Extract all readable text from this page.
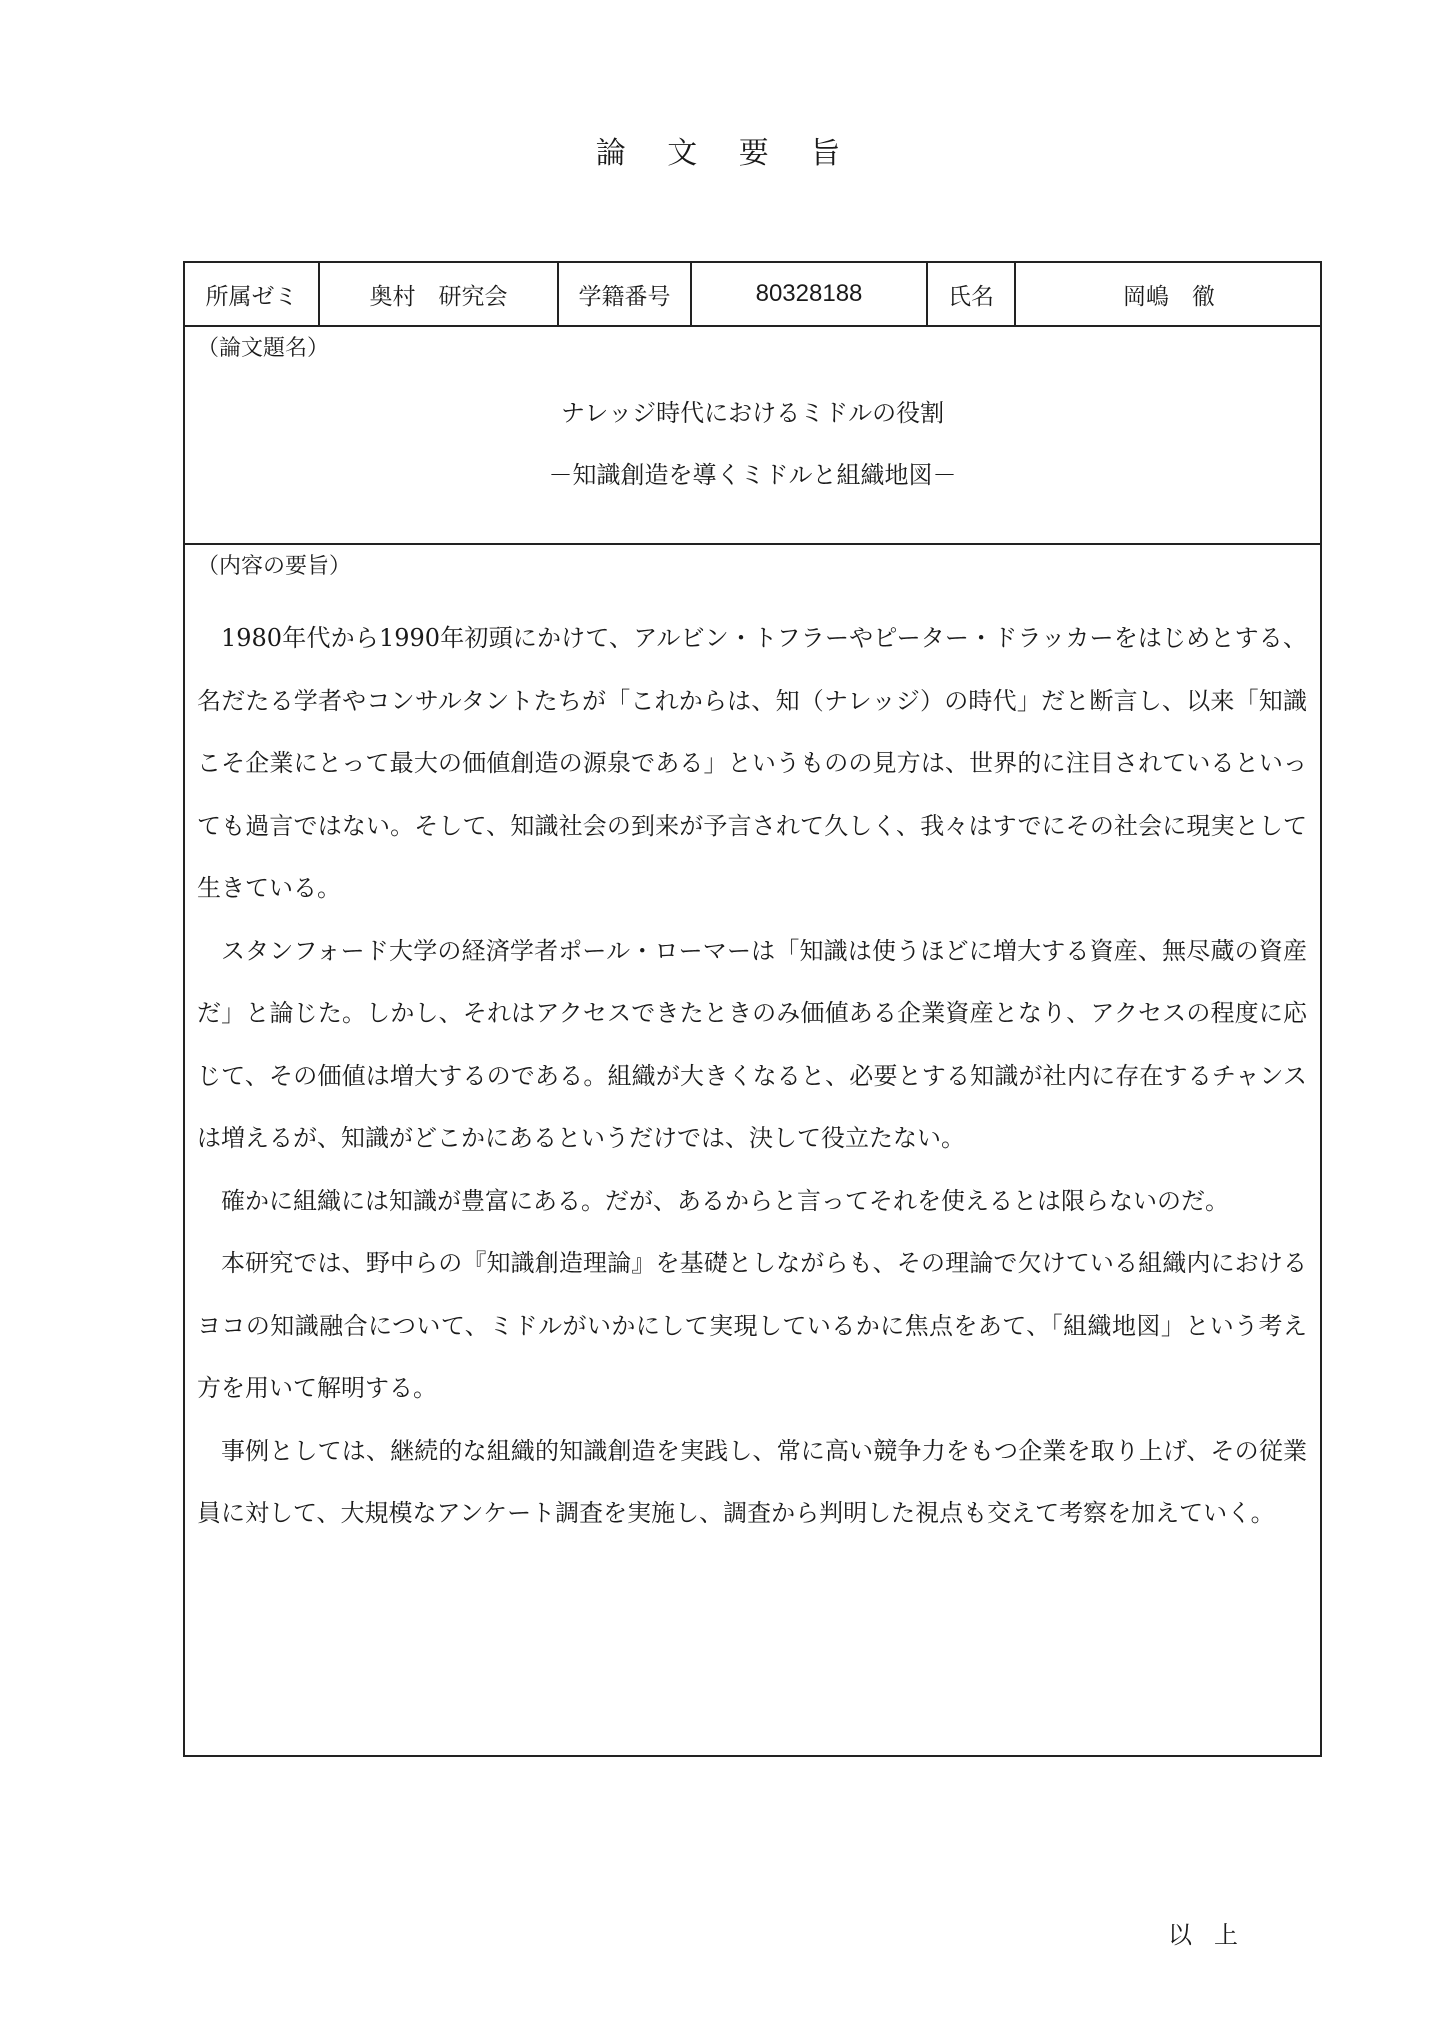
論 文 要 旨
所属ゼミ	奥村　研究会	学籍番号	80328188	氏名	岡嶋　徹
（論文題名）
ナレッジ時代におけるミドルの役割
－知識創造を導くミドルと組織地図－
（内容の要旨）

1980年代から1990年初頭にかけて、アルビン・トフラーやピーター・ドラッカーをはじめとする、名だたる学者やコンサルタントたちが「これからは、知（ナレッジ）の時代」だと断言し、以来「知識こそ企業にとって最大の価値創造の源泉である」というものの見方は、世界的に注目されているといっても過言ではない。そして、知識社会の到来が予言されて久しく、我々はすでにその社会に現実として生きている。

スタンフォード大学の経済学者ポール・ローマーは「知識は使うほどに増大する資産、無尽蔵の資産だ」と論じた。しかし、それはアクセスできたときのみ価値ある企業資産となり、アクセスの程度に応じて、その価値は増大するのである。組織が大きくなると、必要とする知識が社内に存在するチャンスは増えるが、知識がどこかにあるというだけでは、決して役立たない。

確かに組織には知識が豊富にある。だが、あるからと言ってそれを使えるとは限らないのだ。

本研究では、野中らの『知識創造理論』を基礎としながらも、その理論で欠けている組織内におけるヨコの知識融合について、ミドルがいかにして実現しているかに焦点をあて、「組織地図」という考え方を用いて解明する。

事例としては、継続的な組織的知識創造を実践し、常に高い競争力をもつ企業を取り上げ、その従業員に対して、大規模なアンケート調査を実施し、調査から判明した視点も交えて考察を加えていく。

以上
